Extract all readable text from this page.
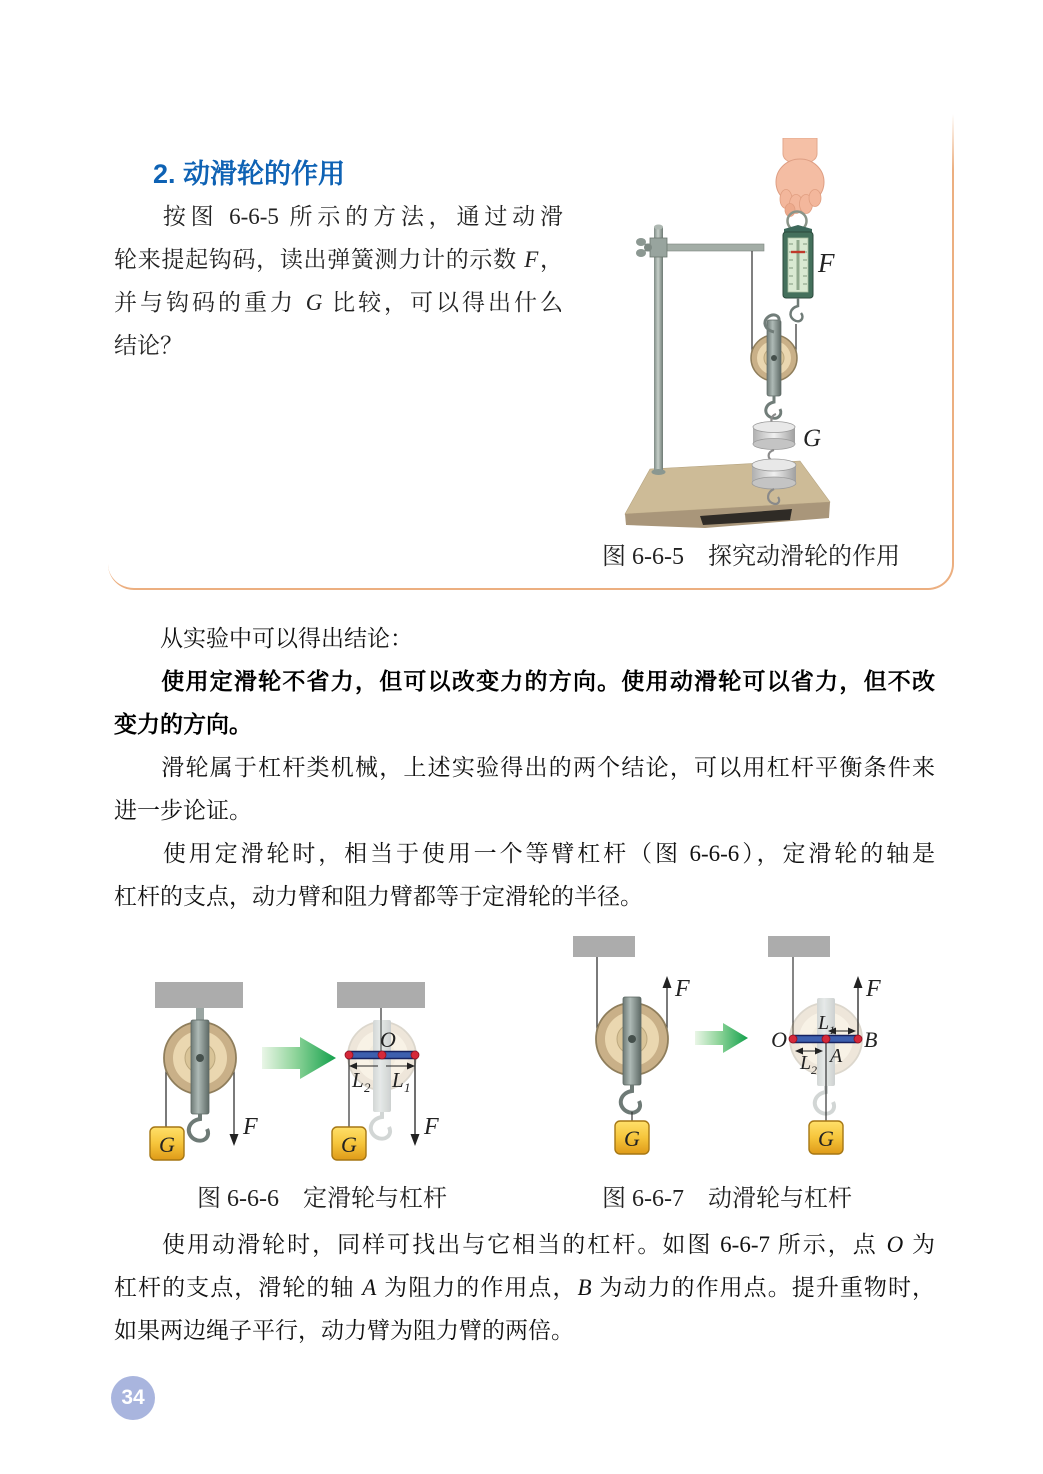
2. 动滑轮的作用
按图 6-6-5 所示的方法，通过动滑
轮来提起钩码，读出弹簧测力计的示数 F，
并与钩码的重力 G 比较，可以得出什么
结论？
F
G
图 6-6-5　探究动滑轮的作用
从实验中可以得出结论：
使用定滑轮不省力，但可以改变力的方向。使用动滑轮可以省力，但不改
变力的方向。
滑轮属于杠杆类机械，上述实验得出的两个结论，可以用杠杆平衡条件来
进一步论证。
使用定滑轮时，相当于使用一个等臂杠杆（图 6-6-6），定滑轮的轴是
杠杆的支点，动力臂和阻力臂都等于定滑轮的半径。
G
F
O
L 2 L 1
G
F
图 6-6-6　定滑轮与杠杆
F
G
F
O	B
A
L 1
L 2
G
图 6-6-7　动滑轮与杠杆
使用动滑轮时，同样可找出与它相当的杠杆。如图 6-6-7 所示，点 O 为
杠杆的支点，滑轮的轴 A 为阻力的作用点，B 为动力的作用点。提升重物时，
如果两边绳子平行，动力臂为阻力臂的两倍。
34
